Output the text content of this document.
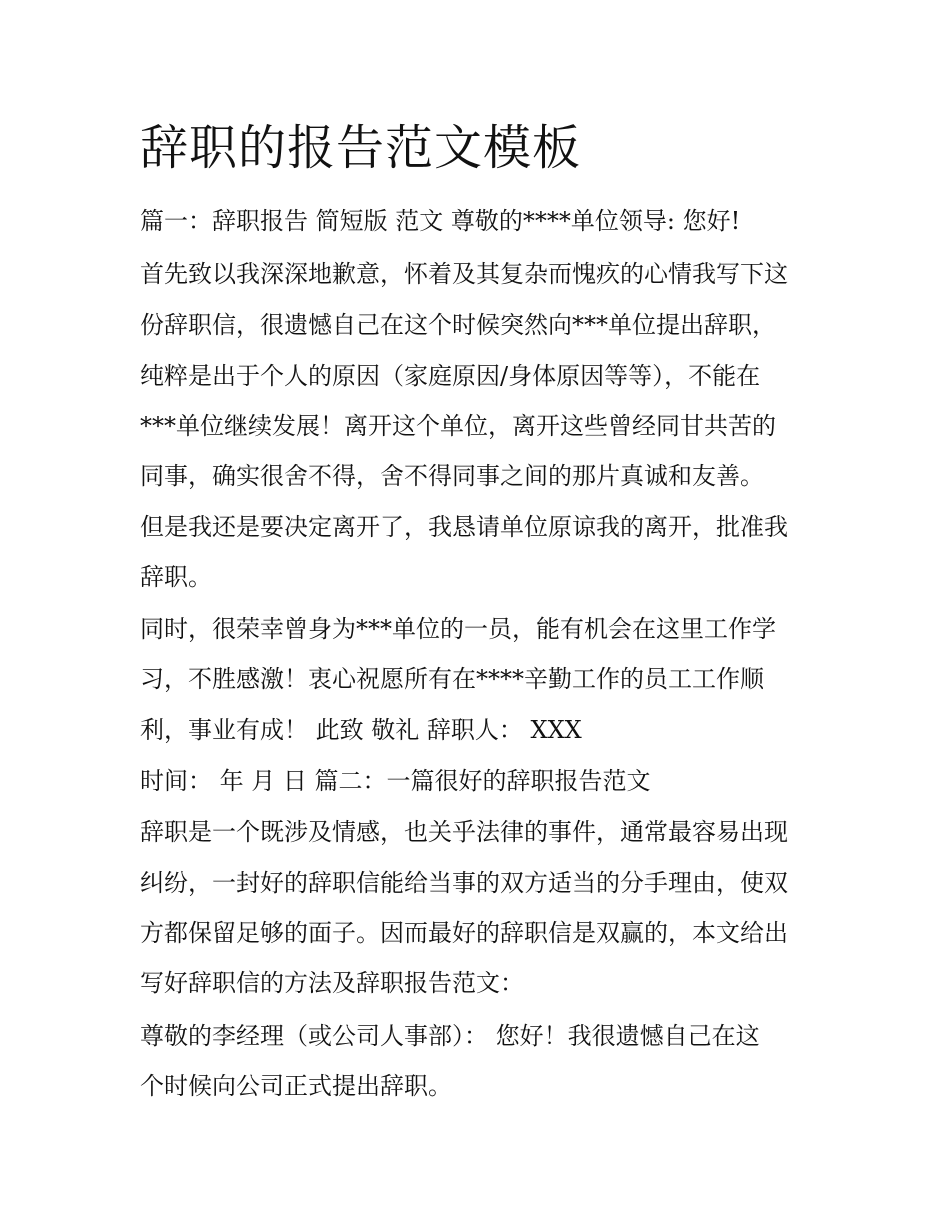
辞职的报告范文模板

篇一：辞职报告 简短版 范文 尊敬的****单位领导: 您好!

首先致以我深深地歉意，怀着及其复杂而愧疚的心情我写下这

份辞职信，很遗憾自己在这个时候突然向***单位提出辞职，

纯粹是出于个人的原因（家庭原因/身体原因等等），不能在

***单位继续发展！离开这个单位，离开这些曾经同甘共苦的

同事，确实很舍不得，舍不得同事之间的那片真诚和友善。

但是我还是要决定离开了，我恳请单位原谅我的离开，批准我

辞职。

同时，很荣幸曾身为***单位的一员，能有机会在这里工作学

习，不胜感激！衷心祝愿所有在****辛勤工作的员工工作顺

利，事业有成！ 此致 敬礼 辞职人： XXX

时间： 年 月 日 篇二：一篇很好的辞职报告范文

辞职是一个既涉及情感，也关乎法律的事件，通常最容易出现

纠纷，一封好的辞职信能给当事的双方适当的分手理由，使双

方都保留足够的面子。因而最好的辞职信是双赢的，本文给出

写好辞职信的方法及辞职报告范文：

尊敬的李经理（或公司人事部）： 您好！我很遗憾自己在这

个时候向公司正式提出辞职。
